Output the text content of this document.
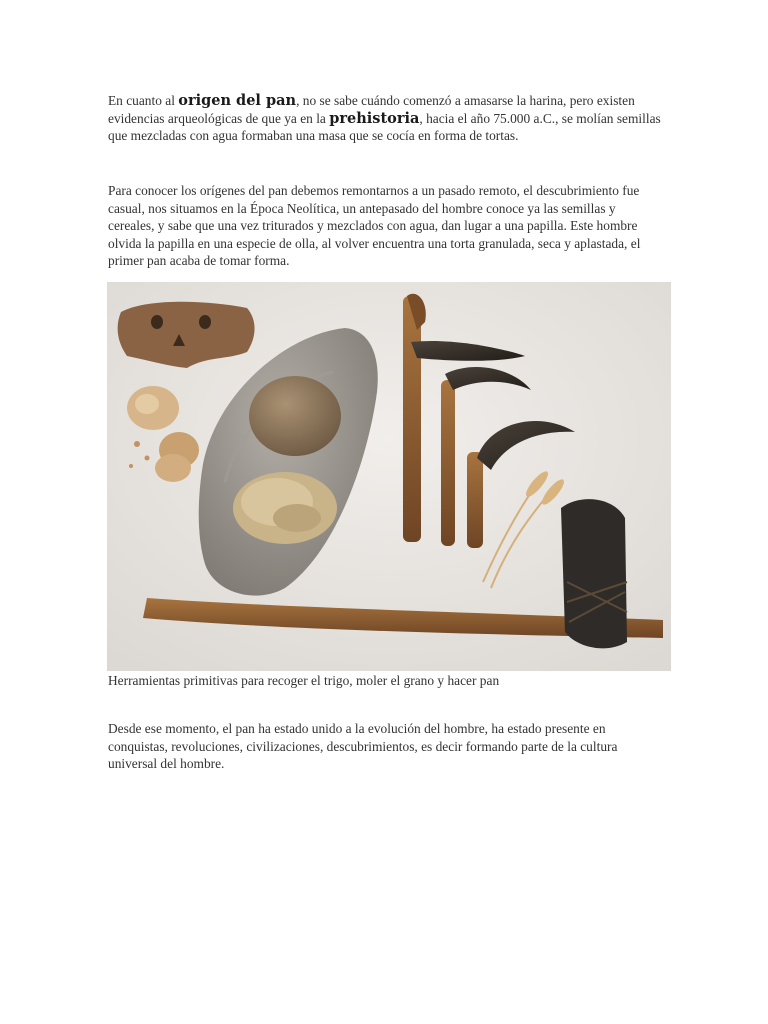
En cuanto al origen del pan, no se sabe cuándo comenzó a amasarse la harina, pero existen evidencias arqueológicas de que ya en la prehistoria, hacia el año 75.000 a.C., se molían semillas que mezcladas con agua formaban una masa que se cocía en forma de tortas.

Para conocer los orígenes del pan debemos remontarnos a un pasado remoto, el descubrimiento fue casual, nos situamos en la Época Neolítica, un antepasado del hombre conoce ya las semillas y cereales, y sabe que una vez triturados y mezclados con agua, dan lugar a una papilla. Este hombre olvida la papilla en una especie de olla, al volver encuentra una torta granulada, seca y aplastada, el primer pan acaba de tomar forma.

Herramientas primitivas para recoger el trigo, moler el grano y hacer pan

Desde ese momento, el pan ha estado unido a la evolución del hombre, ha estado presente en conquistas, revoluciones, civilizaciones, descubrimientos, es decir formando parte de la cultura universal del hombre.
